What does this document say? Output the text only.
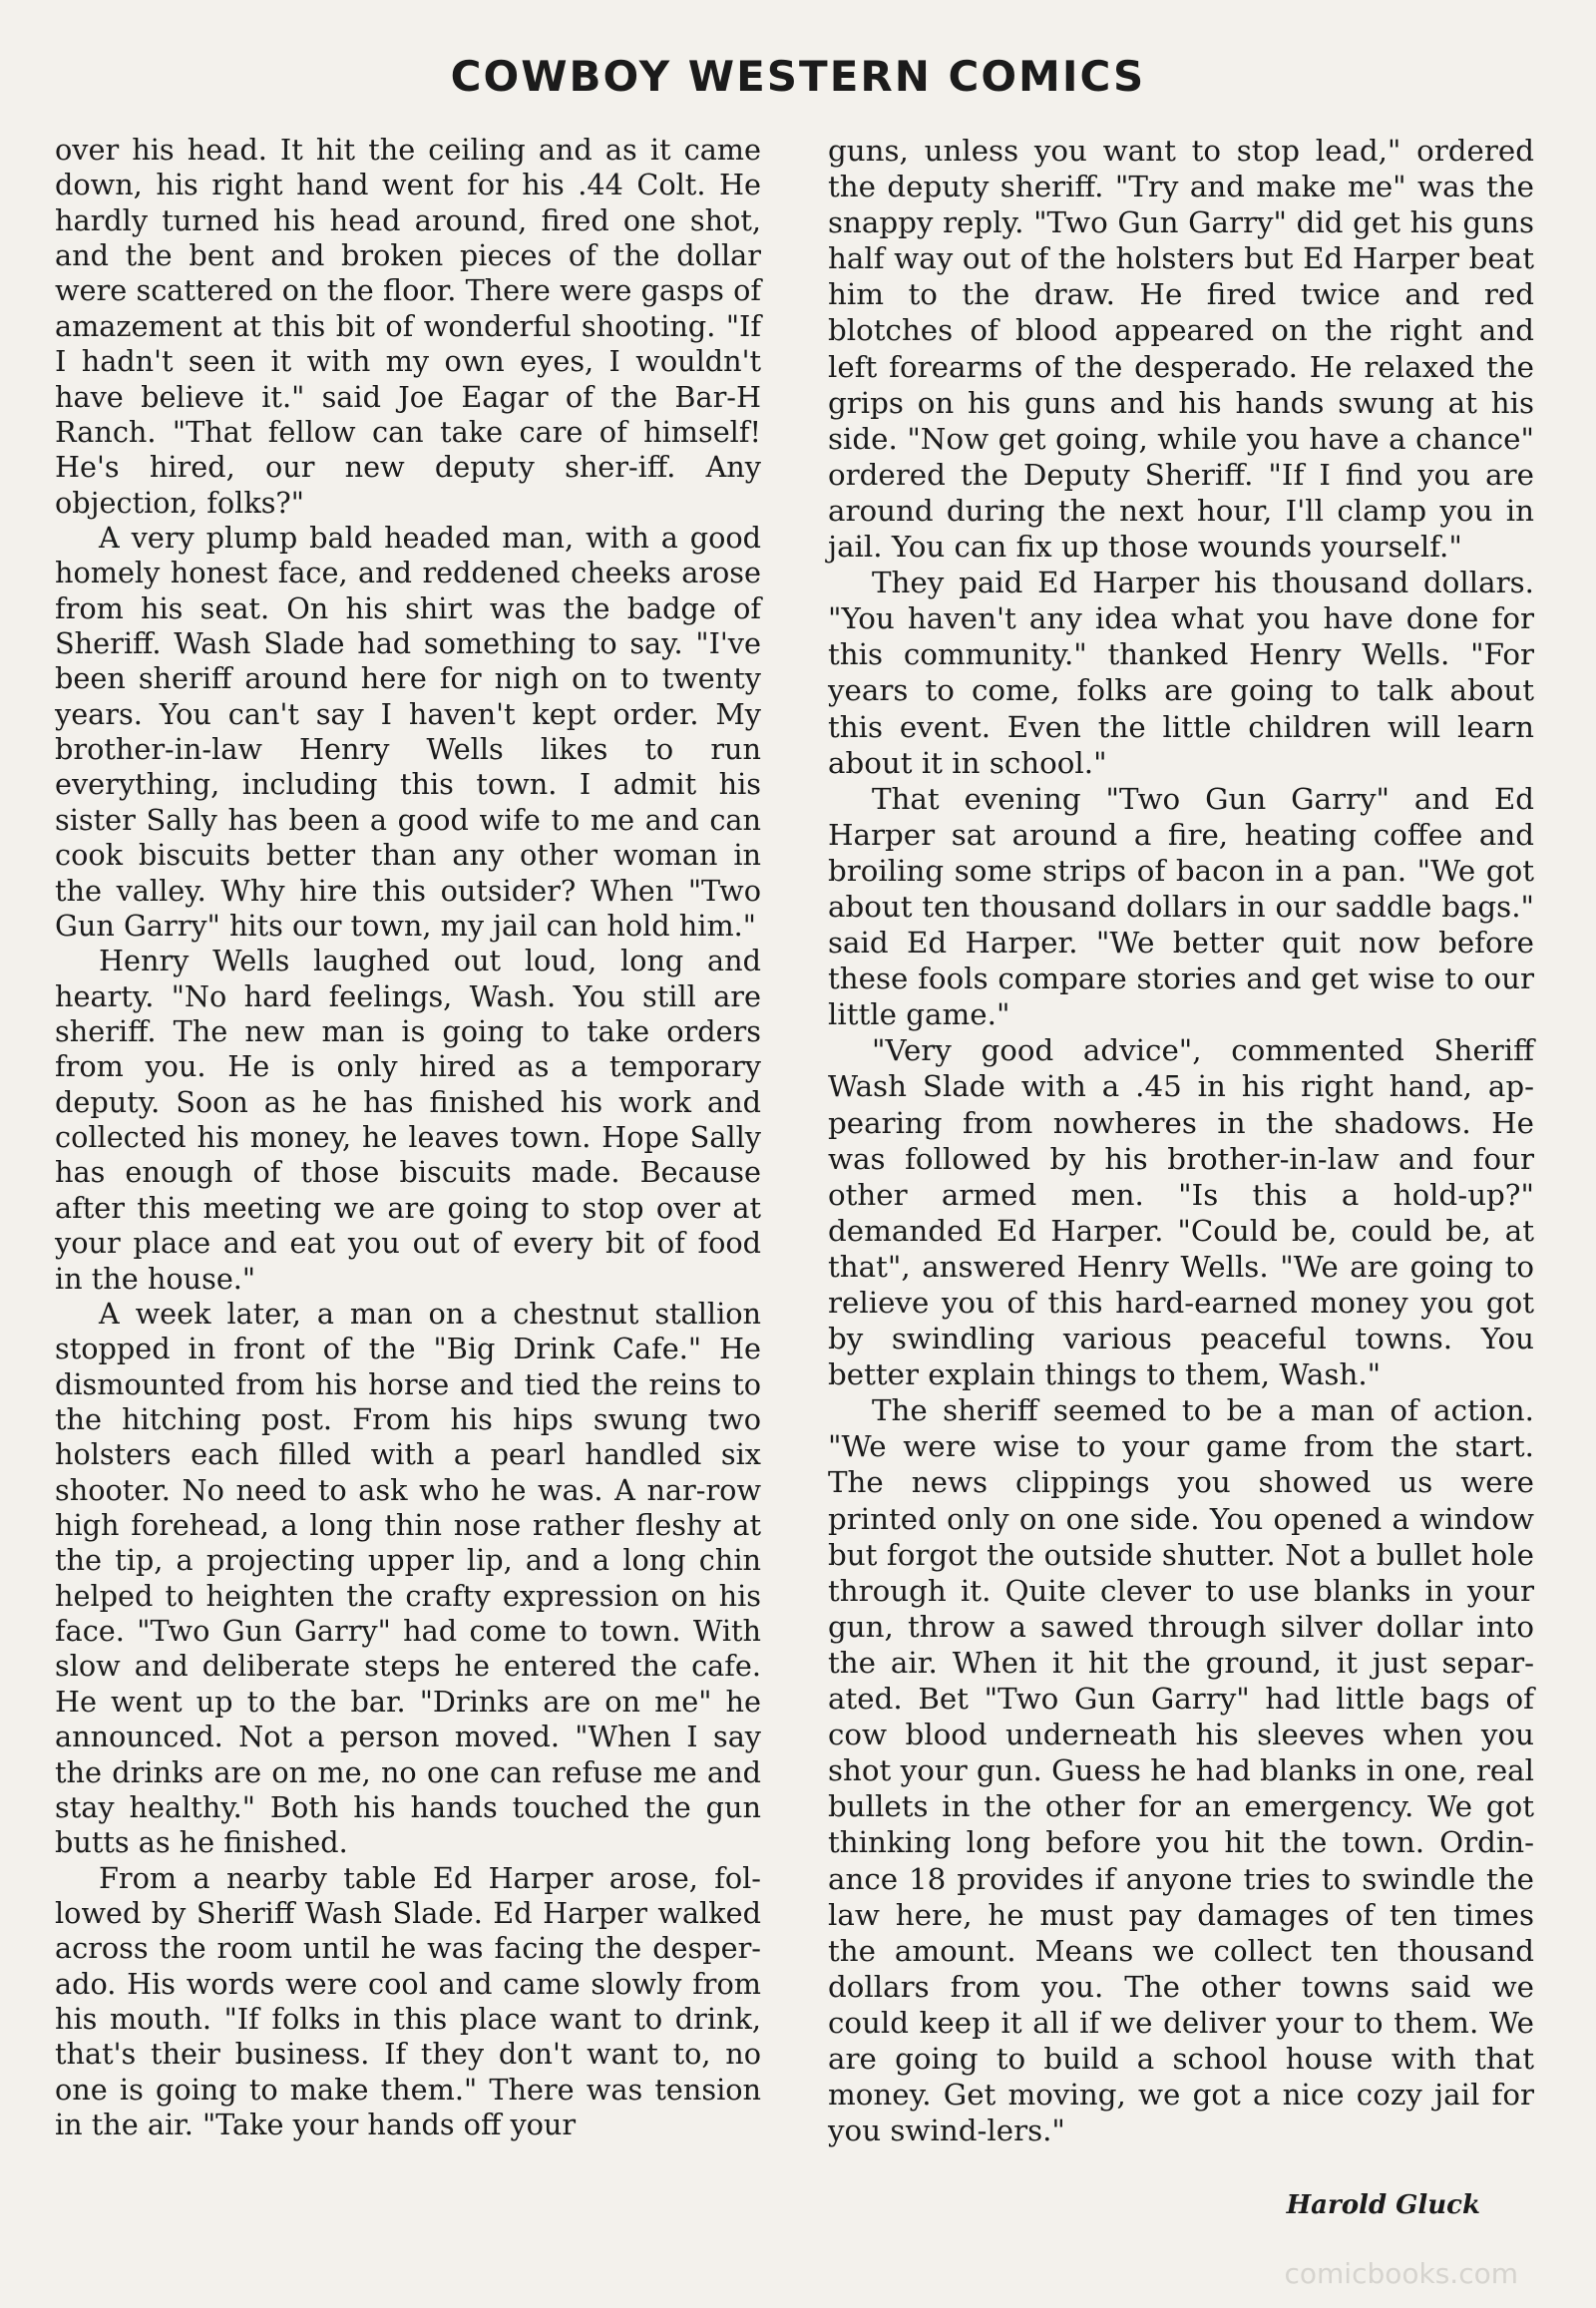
COWBOY WESTERN COMICS

over his head. It hit the ceiling and as it came down, his right hand went for his .44 Colt. He hardly turned his head around, fired one shot, and the bent and broken pieces of the dollar were scattered on the floor. There were gasps of amazement at this bit of wonderful shooting. "If I hadn't seen it with my own eyes, I wouldn't have believe it." said Joe Eagar of the Bar-H Ranch. "That fellow can take care of himself! He's hired, our new deputy sher-iff. Any objection, folks?"

A very plump bald headed man, with a good homely honest face, and reddened cheeks arose from his seat. On his shirt was the badge of Sheriff. Wash Slade had something to say. "I've been sheriff around here for nigh on to twenty years. You can't say I haven't kept order. My brother-in-law Henry Wells likes to run everything, including this town. I admit his sister Sally has been a good wife to me and can cook biscuits better than any other woman in the valley. Why hire this outsider? When "Two Gun Garry" hits our town, my jail can hold him."

Henry Wells laughed out loud, long and hearty. "No hard feelings, Wash. You still are sheriff. The new man is going to take orders from you. He is only hired as a temporary deputy. Soon as he has finished his work and collected his money, he leaves town. Hope Sally has enough of those biscuits made. Because after this meeting we are going to stop over at your place and eat you out of every bit of food in the house."

A week later, a man on a chestnut stallion stopped in front of the "Big Drink Cafe." He dismounted from his horse and tied the reins to the hitching post. From his hips swung two holsters each filled with a pearl handled six shooter. No need to ask who he was. A nar-row high forehead, a long thin nose rather fleshy at the tip, a projecting upper lip, and a long chin helped to heighten the crafty expression on his face. "Two Gun Garry" had come to town. With slow and deliberate steps he entered the cafe. He went up to the bar. "Drinks are on me" he announced. Not a person moved. "When I say the drinks are on me, no one can refuse me and stay healthy." Both his hands touched the gun butts as he finished.

From a nearby table Ed Harper arose, fol-lowed by Sheriff Wash Slade. Ed Harper walked across the room until he was facing the desper-ado. His words were cool and came slowly from his mouth. "If folks in this place want to drink, that's their business. If they don't want to, no one is going to make them." There was tension in the air. "Take your hands off your

guns, unless you want to stop lead," ordered the deputy sheriff. "Try and make me" was the snappy reply. "Two Gun Garry" did get his guns half way out of the holsters but Ed Harper beat him to the draw. He fired twice and red blotches of blood appeared on the right and left forearms of the desperado. He relaxed the grips on his guns and his hands swung at his side. "Now get going, while you have a chance" ordered the Deputy Sheriff. "If I find you are around during the next hour, I'll clamp you in jail. You can fix up those wounds yourself."

They paid Ed Harper his thousand dollars. "You haven't any idea what you have done for this community." thanked Henry Wells. "For years to come, folks are going to talk about this event. Even the little children will learn about it in school."

That evening "Two Gun Garry" and Ed Harper sat around a fire, heating coffee and broiling some strips of bacon in a pan. "We got about ten thousand dollars in our saddle bags." said Ed Harper. "We better quit now before these fools compare stories and get wise to our little game."

"Very good advice", commented Sheriff Wash Slade with a .45 in his right hand, ap-pearing from nowheres in the shadows. He was followed by his brother-in-law and four other armed men. "Is this a hold-up?" demanded Ed Harper. "Could be, could be, at that", answered Henry Wells. "We are going to relieve you of this hard-earned money you got by swindling various peaceful towns. You better explain things to them, Wash."

The sheriff seemed to be a man of action. "We were wise to your game from the start. The news clippings you showed us were printed only on one side. You opened a window but forgot the outside shutter. Not a bullet hole through it. Quite clever to use blanks in your gun, throw a sawed through silver dollar into the air. When it hit the ground, it just separ-ated. Bet "Two Gun Garry" had little bags of cow blood underneath his sleeves when you shot your gun. Guess he had blanks in one, real bullets in the other for an emergency. We got thinking long before you hit the town. Ordin-ance 18 provides if anyone tries to swindle the law here, he must pay damages of ten times the amount. Means we collect ten thousand dollars from you. The other towns said we could keep it all if we deliver your to them. We are going to build a school house with that money. Get moving, we got a nice cozy jail for you swind-lers."

Harold Gluck
comicbooks.com
